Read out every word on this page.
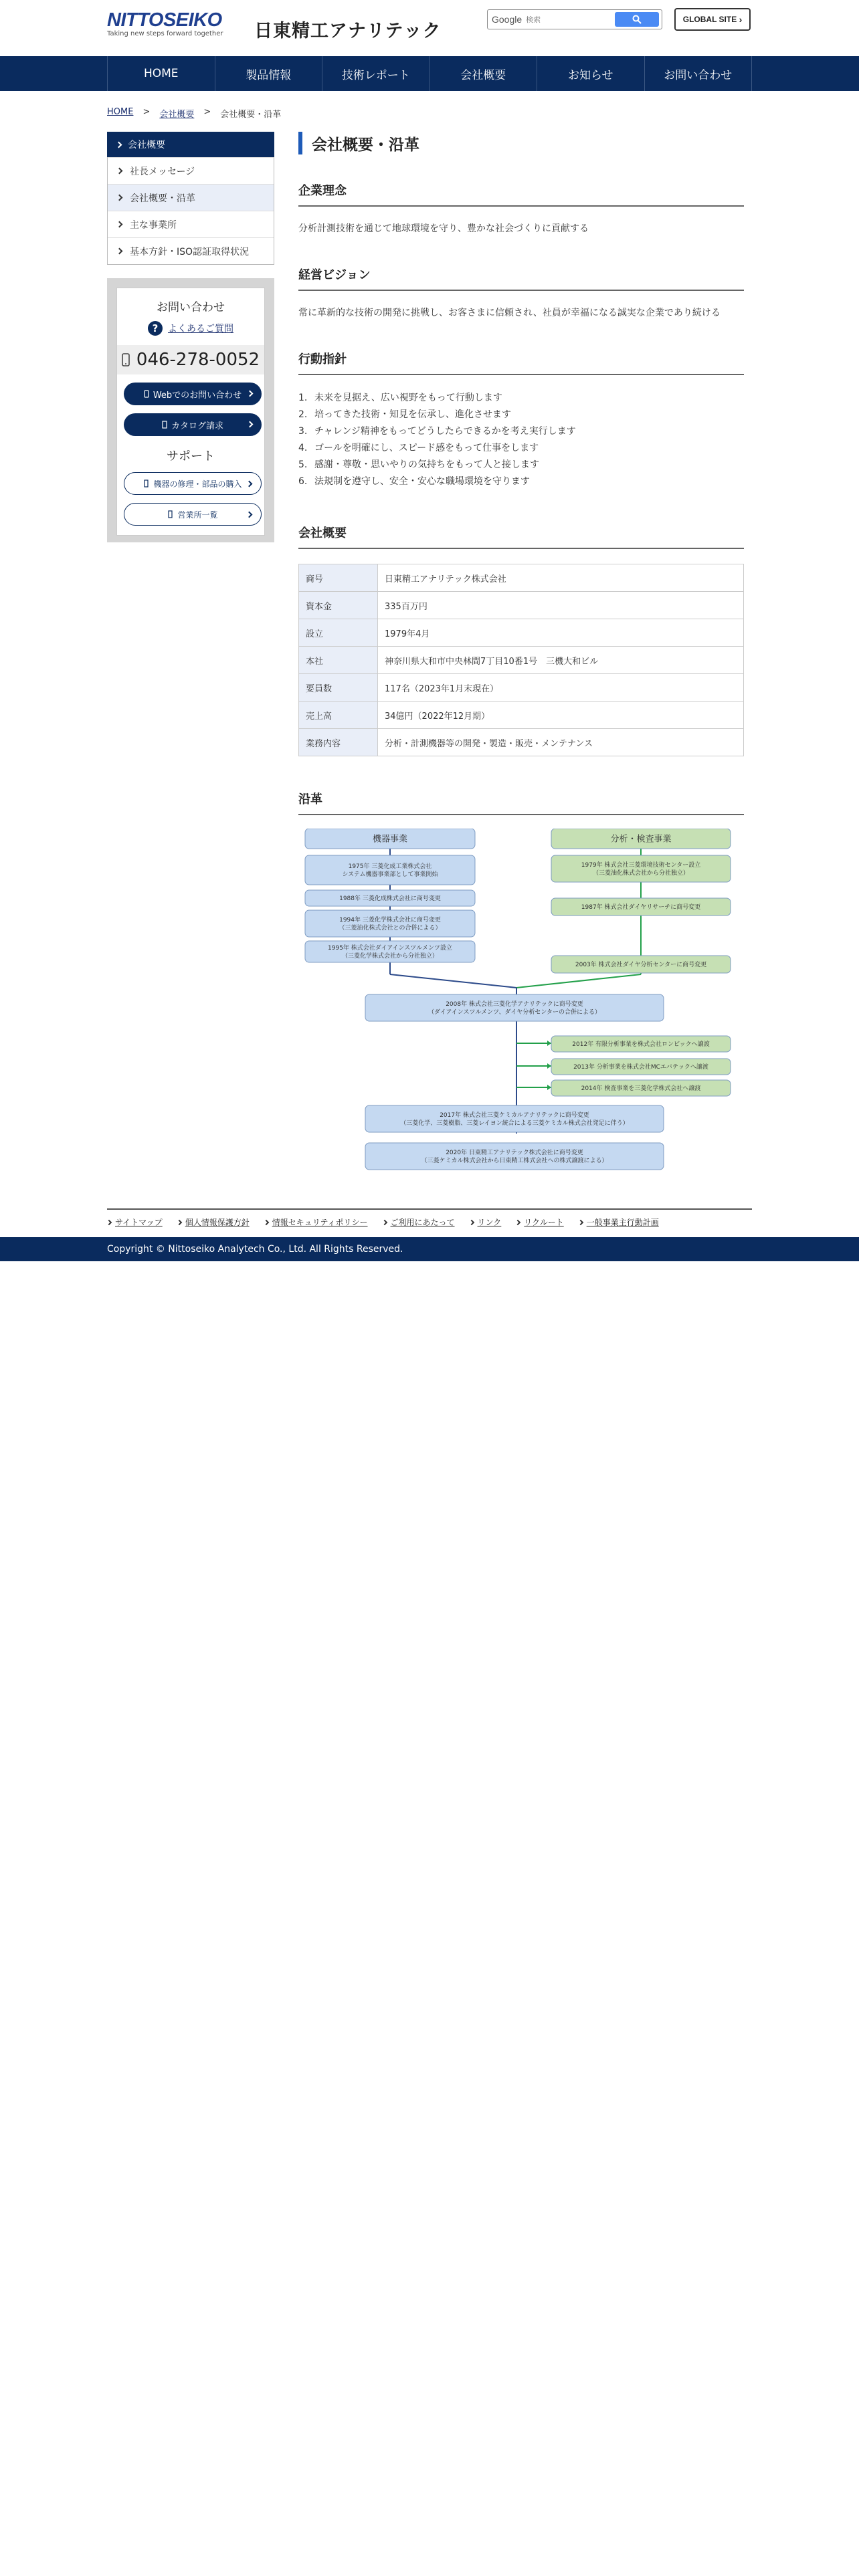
NITTOSEIKO
Taking new steps forward together 日東精工アナリテック
Google
検索	GLOBAL SITE
›
HOME	製品情報	技術レポート	会社概要	お知らせ	お問い合わせ
HOME > 会社概要 > 会社概要・沿革
会社概要
社長メッセージ
会社概要・沿革
主な事業所
基本方針・ISO認証取得状況
お問い合わせ
?	よくあるご質問
046-278-0052
Webでのお問い合わせ
カタログ請求
サポート
機器の修理・部品の購入
営業所一覧
会社概要・沿革
企業理念

分析計測技術を通じて地球環境を守り、豊かな社会づくりに貢献する

経営ビジョン

常に革新的な技術の開発に挑戦し、お客さまに信頼され、社員が幸福になる誠実な企業であり続ける

行動指針
1. 未来を見据え、広い視野をもって行動します
2. 培ってきた技術・知見を伝承し、進化させます
3. チャレンジ精神をもってどうしたらできるかを考え実行します
4. ゴールを明確にし、スピード感をもって仕事をします
5. 感謝・尊敬・思いやりの気持ちをもって人と接します
6. 法規制を遵守し、安全・安心な職場環境を守ります
会社概要
商号	日東精工アナリテック株式会社
資本金	335百万円
設立	1979年4月
本社	神奈川県大和市中央林間7丁目10番1号　三機大和ビル
要員数	117名（2023年1月末現在）
売上高	34億円（2022年12月期）
業務内容	分析・計測機器等の開発・製造・販売・メンテナンス
沿革
機器事業	分析・検査事業
1975年 三菱化成工業株式会社
システム機器事業部として事業開始
1988年 三菱化成株式会社に商号変更
1994年 三菱化学株式会社に商号変更
（三菱油化株式会社との合併による）
1995年 株式会社ダイアインスツルメンツ設立
（三菱化学株式会社から分社独立）
1979年 株式会社三菱環境技術センター設立
（三菱油化株式会社から分社独立）
1987年 株式会社ダイヤリサーチに商号変更
2003年 株式会社ダイヤ分析センターに商号変更
2008年 株式会社三菱化学アナリテックに商号変更
（ダイアインスツルメンツ、ダイヤ分析センターの合併による）
2012年 有限分析事業を株式会社ロンビックへ譲渡
2013年 分析事業を株式会社MCエバテックへ譲渡
2014年 検査事業を三菱化学株式会社へ譲渡
2017年 株式会社三菱ケミカルアナリテックに商号変更
（三菱化学、三菱樹脂、三菱レイヨン統合による三菱ケミカル株式会社発足に伴う）
2020年 日東精工アナリテック株式会社に商号変更
（三菱ケミカル株式会社から日東精工株式会社への株式譲渡による）
サイトマップ	個人情報保護方針	情報セキュリティポリシー	ご利用にあたって	リンク	リクルート	一般事業主行動計画
Copyright © Nittoseiko Analytech Co., Ltd. All Rights Reserved.
